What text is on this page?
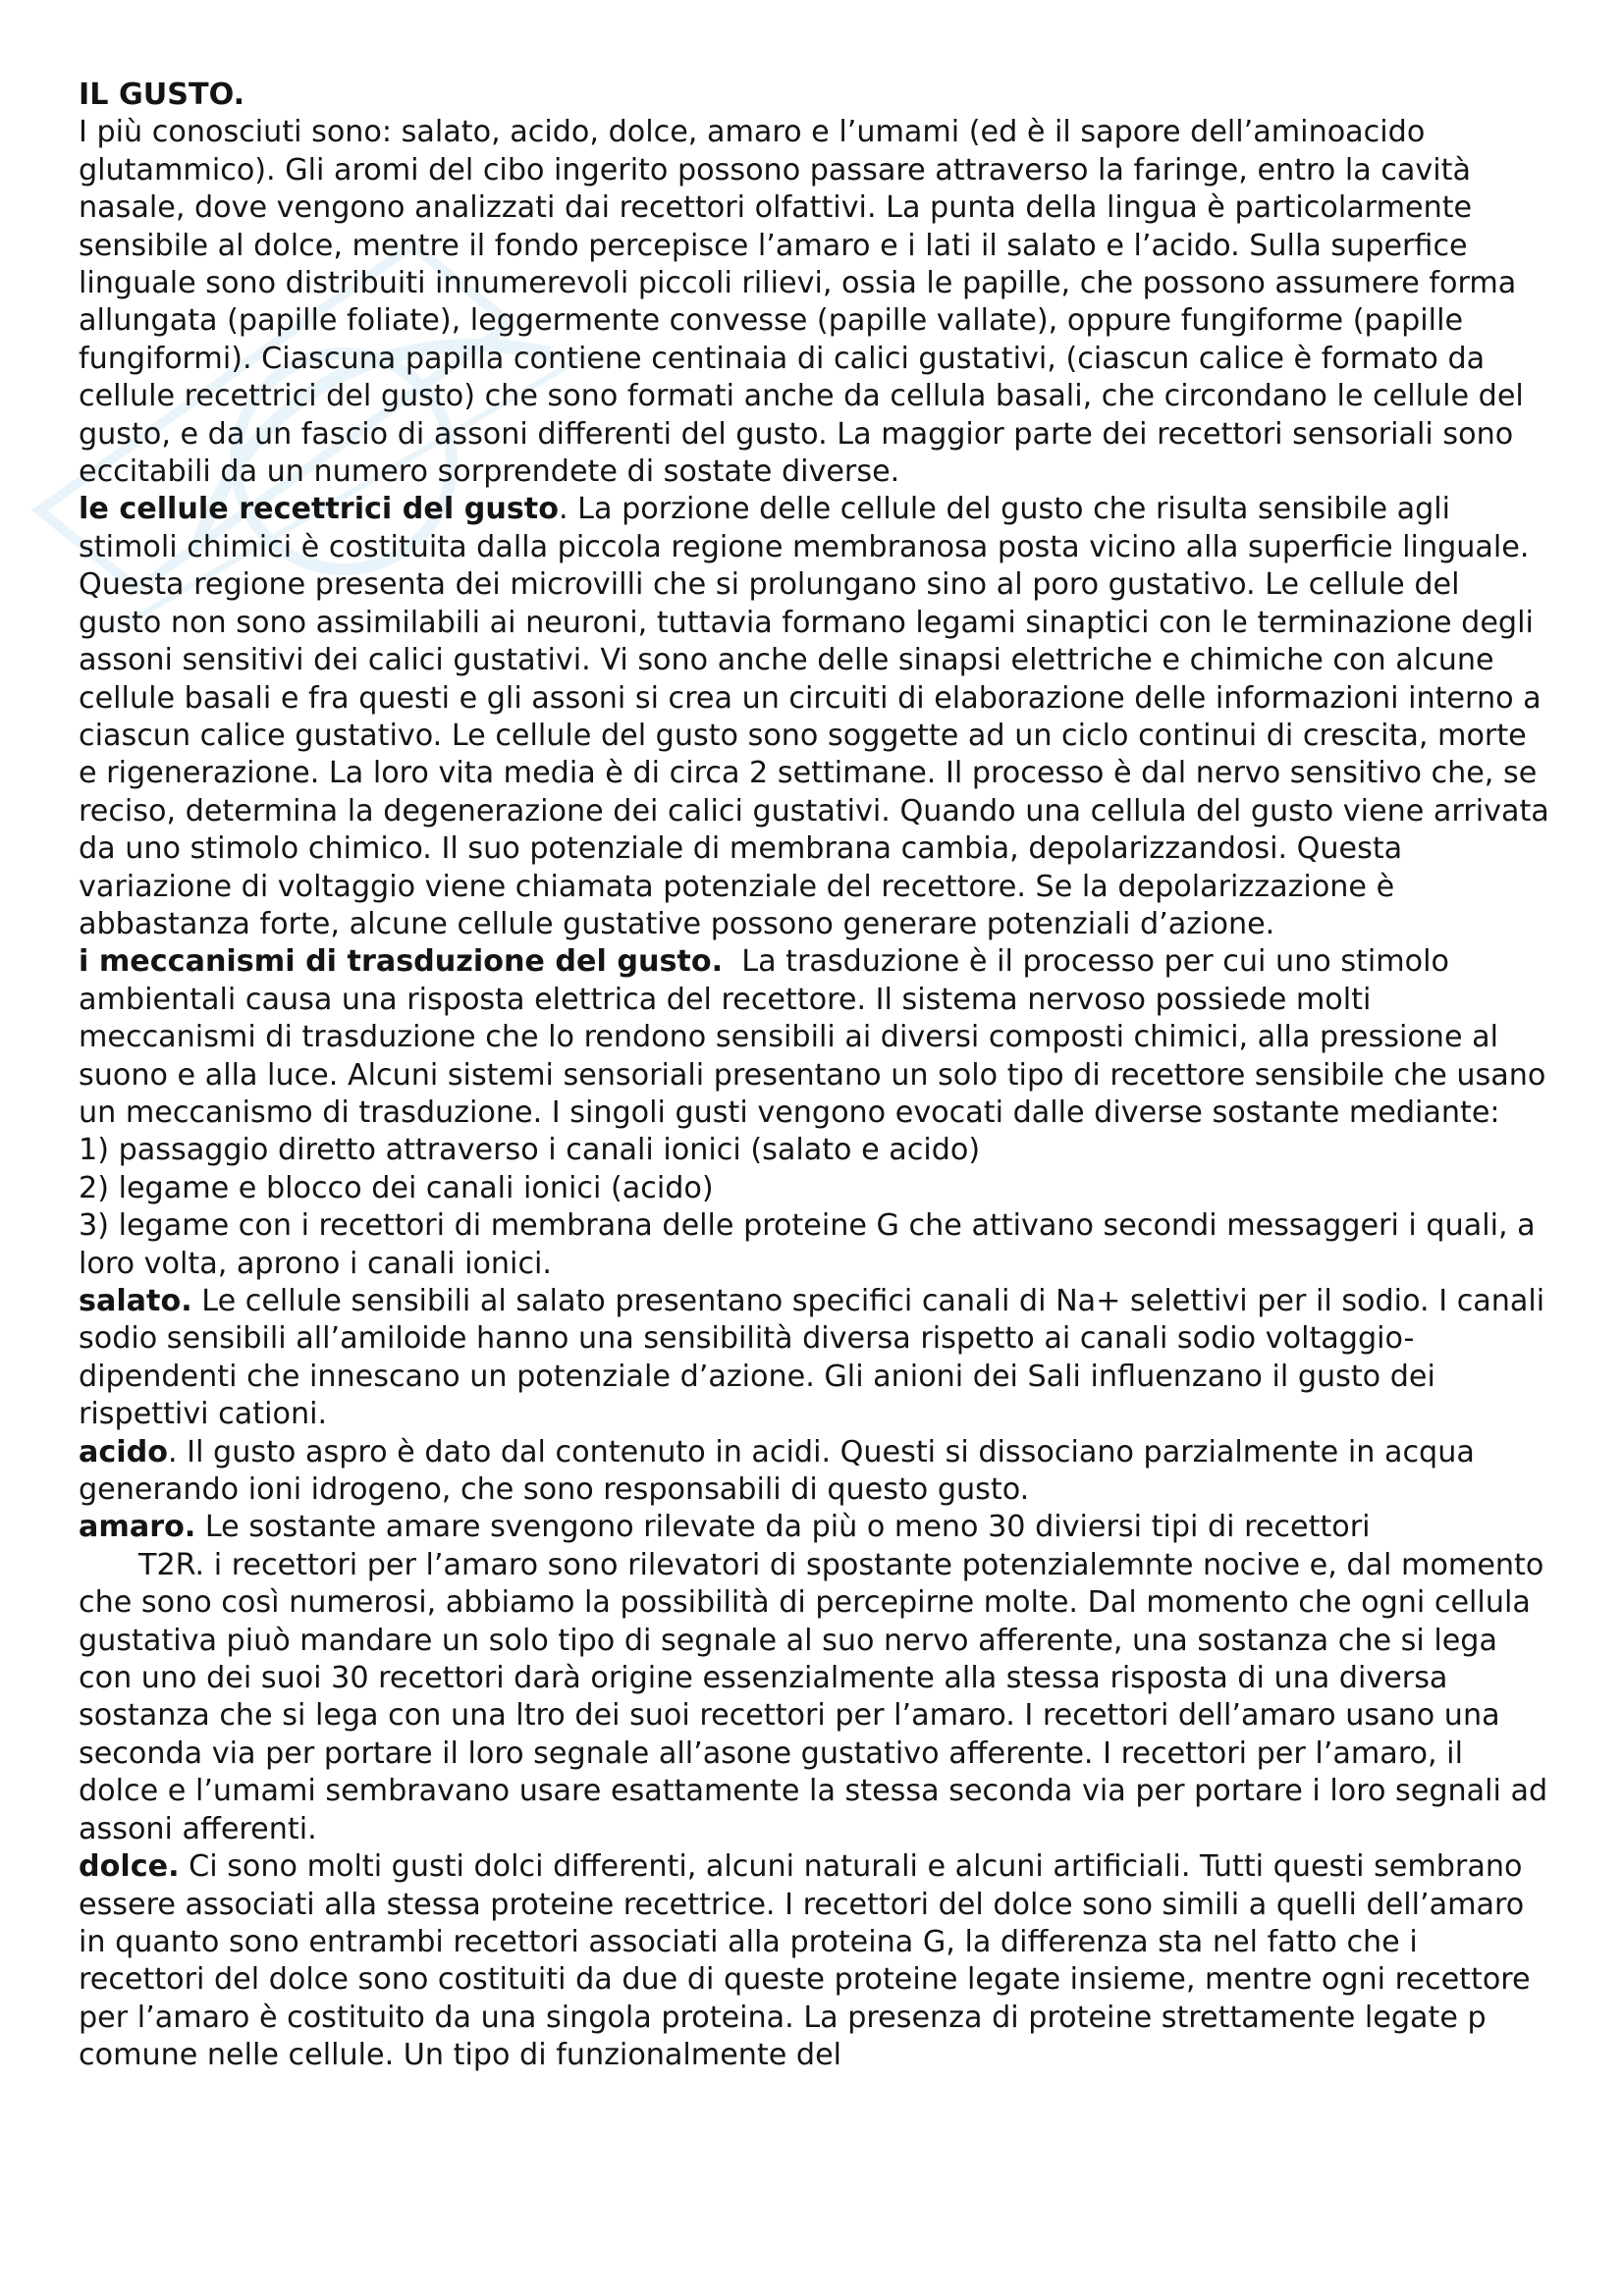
IL GUSTO.

I più conosciuti sono: salato, acido, dolce, amaro e l’umami (ed è il sapore dell’aminoacido glutammico). Gli aromi del cibo ingerito possono passare attraverso la faringe, entro la cavità nasale, dove vengono analizzati dai recettori olfattivi. La punta della lingua è particolarmente sensibile al dolce, mentre il fondo percepisce l’amaro e i lati il salato e l’acido. Sulla superfice linguale sono distribuiti innumerevoli piccoli rilievi, ossia le papille, che possono assumere forma allungata (papille foliate), leggermente convesse (papille vallate), oppure fungiforme (papille fungiformi). Ciascuna papilla contiene centinaia di calici gustativi, (ciascun calice è formato da cellule recettrici del gusto) che sono formati anche da cellula basali, che circondano le cellule del gusto, e da un fascio di assoni differenti del gusto. La maggior parte dei recettori sensoriali sono eccitabili da un numero sorprendete di sostate diverse.

le cellule recettrici del gusto. La porzione delle cellule del gusto che risulta sensibile agli stimoli chimici è costituita dalla piccola regione membranosa posta vicino alla superficie linguale. Questa regione presenta dei microvilli che si prolungano sino al poro gustativo. Le cellule del gusto non sono assimilabili ai neuroni, tuttavia formano legami sinaptici con le terminazione degli assoni sensitivi dei calici gustativi. Vi sono anche delle sinapsi elettriche e chimiche con alcune cellule basali e fra questi e gli assoni si crea un circuiti di elaborazione delle informazioni interno a ciascun calice gustativo. Le cellule del gusto sono soggette ad un ciclo continui di crescita, morte e rigenerazione. La loro vita media è di circa 2 settimane. Il processo è dal nervo sensitivo che, se reciso, determina la degenerazione dei calici gustativi. Quando una cellula del gusto viene arrivata da uno stimolo chimico. Il suo potenziale di membrana cambia, depolarizzandosi. Questa variazione di voltaggio viene chiamata potenziale del recettore. Se la depolarizzazione è abbastanza forte, alcune cellule gustative possono generare potenziali d’azione.

i meccanismi di trasduzione del gusto.  La trasduzione è il processo per cui uno stimolo ambientali causa una risposta elettrica del recettore. Il sistema nervoso possiede molti meccanismi di trasduzione che lo rendono sensibili ai diversi composti chimici, alla pressione al suono e alla luce. Alcuni sistemi sensoriali presentano un solo tipo di recettore sensibile che usano un meccanismo di trasduzione. I singoli gusti vengono evocati dalle diverse sostante mediante:

1) passaggio diretto attraverso i canali ionici (salato e acido)

2) legame e blocco dei canali ionici (acido)

3) legame con i recettori di membrana delle proteine G che attivano secondi messaggeri i quali, a loro volta, aprono i canali ionici.

salato. Le cellule sensibili al salato presentano specifici canali di Na+ selettivi per il sodio. I canali sodio sensibili all’amiloide hanno una sensibilità diversa rispetto ai canali sodio voltaggio-dipendenti che innescano un potenziale d’azione. Gli anioni dei Sali influenzano il gusto dei rispettivi cationi.

acido. Il gusto aspro è dato dal contenuto in acidi. Questi si dissociano parzialmente in acqua generando ioni idrogeno, che sono responsabili di questo gusto.

amaro. Le sostante amare svengono rilevate da più o meno 30 diviersi tipi di recettori
T2R. i recettori per l’amaro sono rilevatori di spostante potenzialemnte nocive e, dal momento che sono così numerosi, abbiamo la possibilità di percepirne molte. Dal momento che ogni cellula gustativa piuò mandare un solo tipo di segnale al suo nervo afferente, una sostanza che si lega con uno dei suoi 30 recettori darà origine essenzialmente alla stessa risposta di una diversa sostanza che si lega con una ltro dei suoi recettori per l’amaro. I recettori dell’amaro usano una seconda via per portare il loro segnale all’asone gustativo afferente. I recettori per l’amaro, il dolce e l’umami sembravano usare esattamente la stessa seconda via per portare i loro segnali ad assoni afferenti.

dolce. Ci sono molti gusti dolci differenti, alcuni naturali e alcuni artificiali. Tutti questi sembrano essere associati alla stessa proteine recettrice. I recettori del dolce sono simili a quelli dell’amaro in quanto sono entrambi recettori associati alla proteina G, la differenza sta nel fatto che i recettori del dolce sono costituiti da due di queste proteine legate insieme, mentre ogni recettore per l’amaro è costituito da una singola proteina. La presenza di proteine strettamente legate p comune nelle cellule. Un tipo di funzionalmente del
